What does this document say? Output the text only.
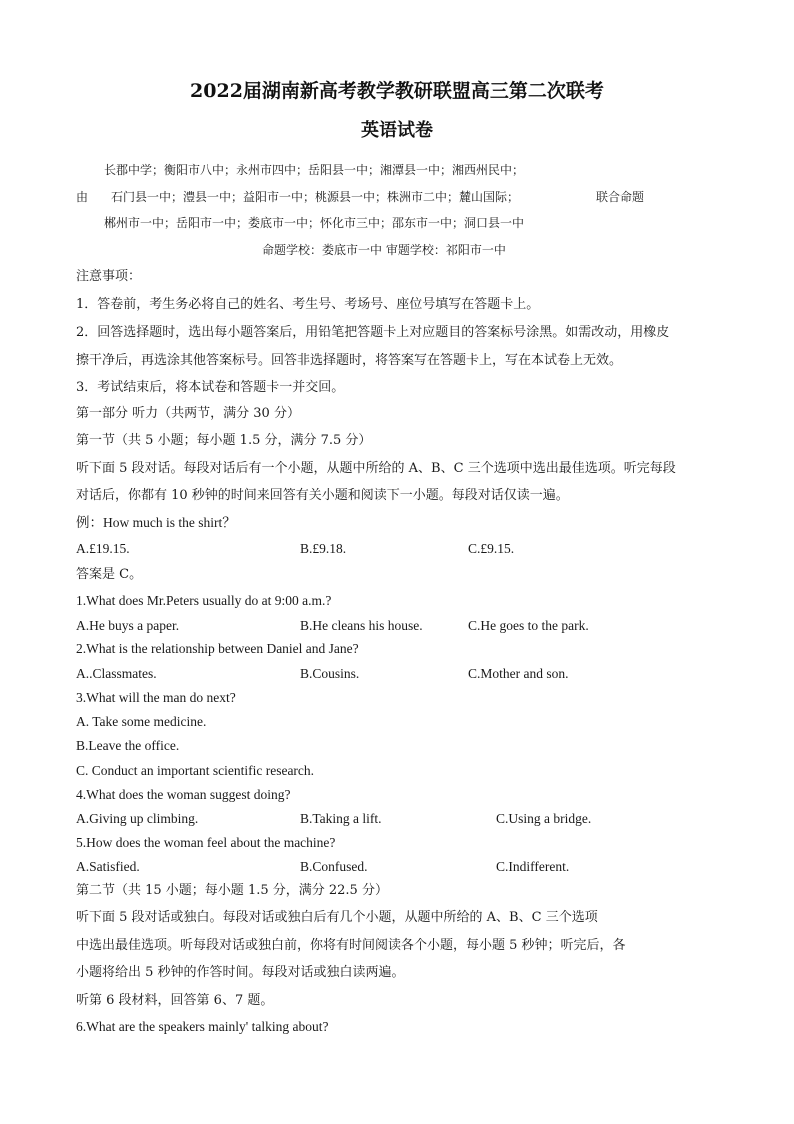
2022届湖南新高考教学教研联盟高三第二次联考
英语试卷
长郡中学；衡阳市八中；永州市四中；岳阳县一中；湘潭县一中；湘西州民中；
由 石门县一中；澧县一中；益阳市一中；桃源县一中；株洲市二中；麓山国际；	联合命题
郴州市一中；岳阳市一中；娄底市一中；怀化市三中；邵东市一中；洞口县一中
命题学校：娄底市一中 审题学校：祁阳市一中
注意事项：
1．答卷前，考生务必将自己的姓名、考生号、考场号、座位号填写在答题卡上。
2．回答选择题时，选出每小题答案后，用铅笔把答题卡上对应题目的答案标号涂黑。如需改动，用橡皮
擦干净后，再选涂其他答案标号。回答非选择题时，将答案写在答题卡上，写在本试卷上无效。
3．考试结束后，将本试卷和答题卡一并交回。
第一部分 听力（共两节，满分 30 分）
第一节（共 5 小题；每小题 1.5 分，满分 7.5 分）
听下面 5 段对话。每段对话后有一个小题，从题中所给的 A、B、C 三个选项中选出最佳选项。听完每段
对话后，你都有 10 秒钟的时间来回答有关小题和阅读下一小题。每段对话仅读一遍。
例：How much is the shirt？
A.£19.15.	B.£9.18.	C.£9.15.
答案是 C。
1.What does Mr.Peters usually do at 9:00 a.m.?
A.He buys a paper.	B.He cleans his house.	C.He goes to the park.
2.What is the relationship between Daniel and Jane?
A..Classmates.	B.Cousins.	C.Mother and son.
3.What will the man do next?
A. Take some medicine.
B.Leave the office.
C. Conduct an important scientific research.
4.What does the woman suggest doing?
A.Giving up climbing.	B.Taking a lift.	C.Using a bridge.
5.How does the woman feel about the machine?
A.Satisfied.	B.Confused.	C.Indifferent.
第二节（共 15 小题；每小题 1.5 分，满分 22.5 分）
听下面 5 段对话或独白。每段对话或独白后有几个小题，从题中所给的 A、B、C 三个选项
中选出最佳选项。听每段对话或独白前，你将有时间阅读各个小题，每小题 5 秒钟；听完后，各
小题将给出 5 秒钟的作答时间。每段对话或独白读两遍。
听第 6 段材料，回答第 6、7 题。
6.What are the speakers mainly' talking about?
